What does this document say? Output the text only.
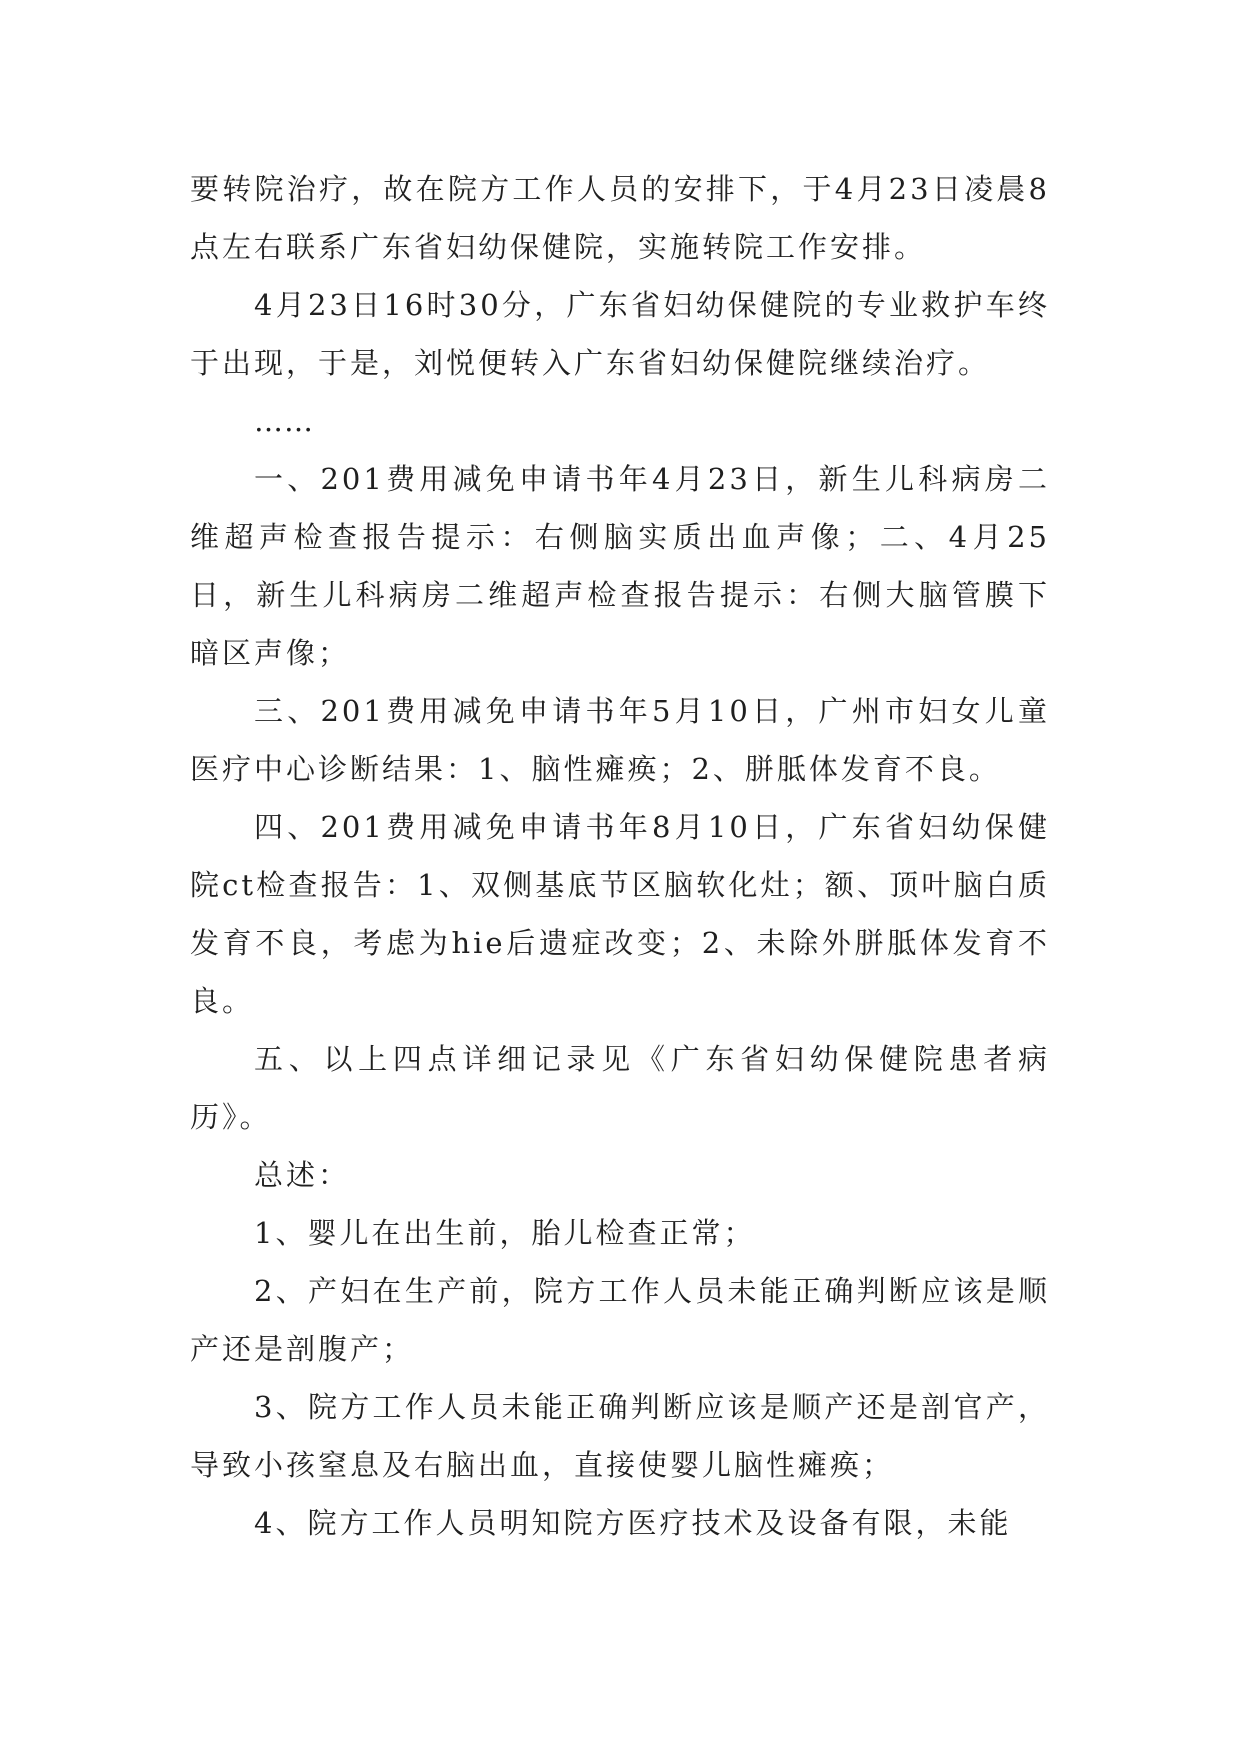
要转院治疗，故在院方工作人员的安排下，于4月23日凌晨8点左右联系广东省妇幼保健院，实施转院工作安排。

4月23日16时30分，广东省妇幼保健院的专业救护车终于出现，于是，刘悦便转入广东省妇幼保健院继续治疗。

……

一、201费用减免申请书年4月23日，新生儿科病房二维超声检查报告提示：右侧脑实质出血声像；二、4月25日，新生儿科病房二维超声检查报告提示：右侧大脑管膜下暗区声像；

三、201费用减免申请书年5月10日，广州市妇女儿童医疗中心诊断结果：1、脑性瘫痪；2、胼胝体发育不良。

四、201费用减免申请书年8月10日，广东省妇幼保健院ct检查报告：1、双侧基底节区脑软化灶；额、顶叶脑白质发育不良，考虑为hie后遗症改变；2、未除外胼胝体发育不良。

五、以上四点详细记录见《广东省妇幼保健院患者病历》。

总述：

1、婴儿在出生前，胎儿检查正常；

2、产妇在生产前，院方工作人员未能正确判断应该是顺产还是剖腹产；

3、院方工作人员未能正确判断应该是顺产还是剖官产，导致小孩窒息及右脑出血，直接使婴儿脑性瘫痪；

4、院方工作人员明知院方医疗技术及设备有限，未能
